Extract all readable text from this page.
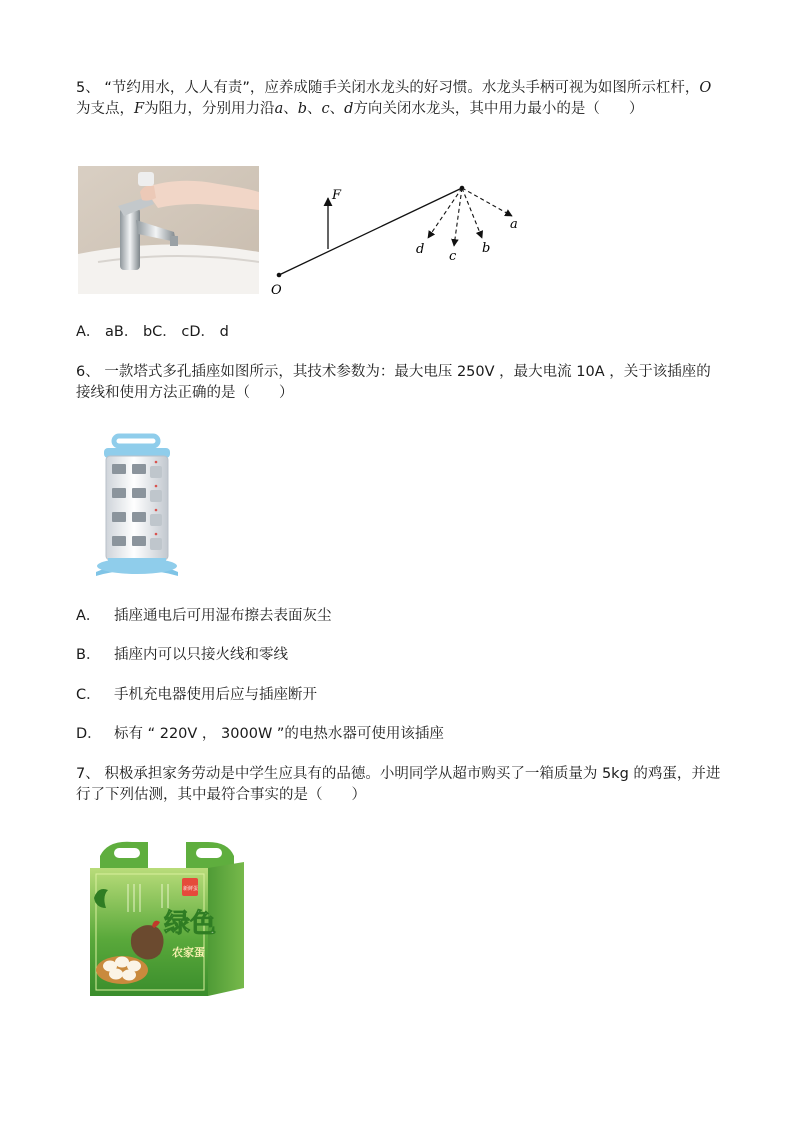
5、 “节约用水，人人有责”，应养成随手关闭水龙头的好习惯。水龙头手柄可视为如图所示杠杆，O为支点，F为阻力，分别用力沿a、b、c、d方向关闭水龙头，其中用力最小的是（　　）

F
O
a
b
c
d

A． aB． bC． cD． d

6、 一款塔式多孔插座如图所示，其技术参数为：最大电压 250V ，最大电流 10A ，关于该插座的接线和使用方法正确的是（　　）

A． 插座通电后可用湿布擦去表面灰尘

B． 插座内可以只接火线和零线

C． 手机充电器使用后应与插座断开

D． 标有 “ 220V ， 3000W ”的电热水器可使用该插座

7、 积极承担家务劳动是中学生应具有的品德。小明同学从超市购买了一箱质量为 5kg 的鸡蛋，并进行了下列估测，其中最符合事实的是（　　）

绿色
农家蛋
新鲜蛋
